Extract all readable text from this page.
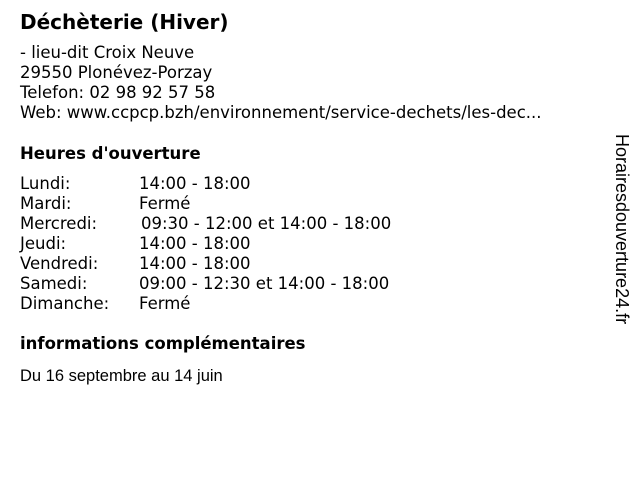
Déchèterie (Hiver)
- lieu-dit Croix Neuve
29550 Plonévez-Porzay
Telefon: 02 98 92 57 58
Web: www.ccpcp.bzh/environnement/service-dechets/les-dec...
Heures d'ouverture
Lundi:	14:00 - 18:00
Mardi:	Fermé
Mercredi:	09:30 - 12:00 et 14:00 - 18:00
Jeudi:	14:00 - 18:00
Vendredi: 14:00 - 18:00
Samedi:	09:00 - 12:30 et 14:00 - 18:00
Dimanche: Fermé
informations complémentaires
Du 16 septembre au 14 juin
Horairesdouverture24.fr
